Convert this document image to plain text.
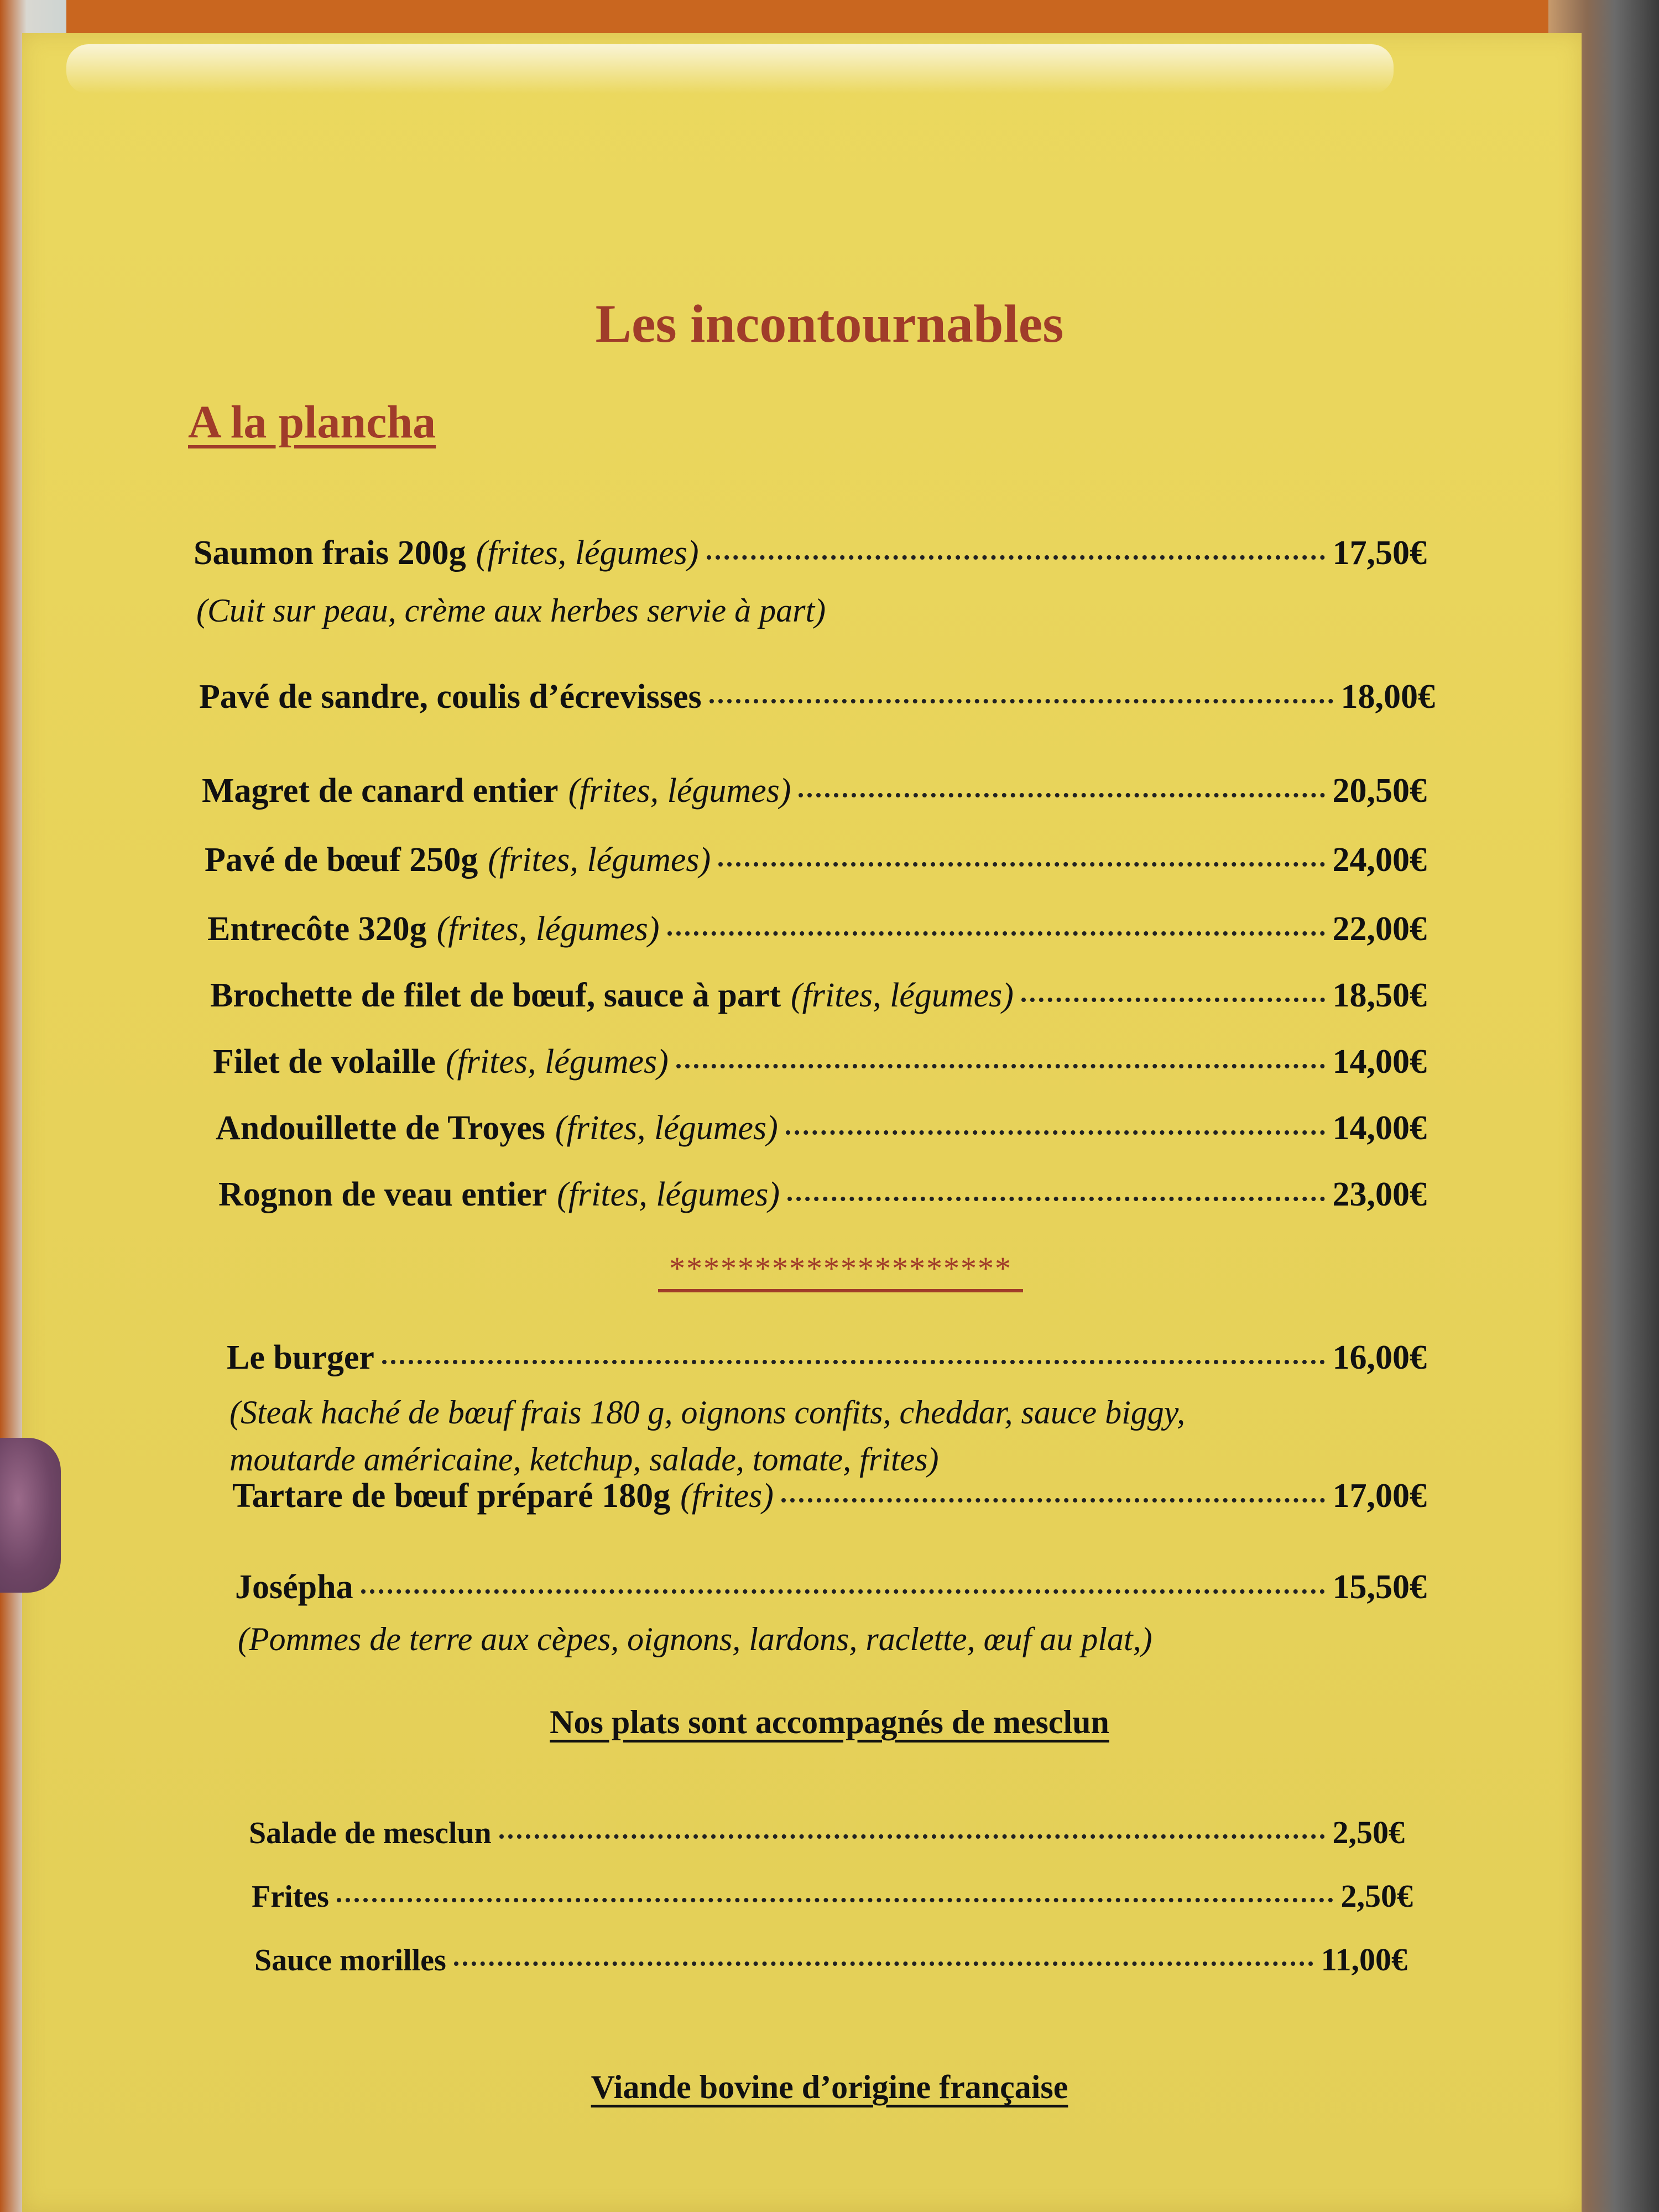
Les incontournables
A la plancha
Saumon frais 200g (frites, légumes)	17,50€
(Cuit sur peau, crème aux herbes servie à part)
Pavé de sandre, coulis d’écrevisses	18,00€
Magret de canard entier (frites, légumes)	20,50€
Pavé de bœuf 250g (frites, légumes)	24,00€
Entrecôte 320g (frites, légumes)	22,00€
Brochette de filet de bœuf, sauce à part (frites, légumes)	18,50€
Filet de volaille (frites, légumes)	14,00€
Andouillette de Troyes (frites, légumes)	14,00€
Rognon de veau entier (frites, légumes)	23,00€
********************
Le burger	16,00€
(Steak haché de bœuf frais 180 g, oignons confits, cheddar, sauce biggy,
moutarde américaine, ketchup, salade, tomate, frites)
Tartare de bœuf préparé 180g (frites)	17,00€
Josépha	15,50€
(Pommes de terre aux cèpes, oignons, lardons, raclette, œuf au plat,)
Nos plats sont accompagnés de mesclun
Salade de mesclun	2,50€
Frites	2,50€
Sauce morilles	11,00€
Viande bovine d’origine française
